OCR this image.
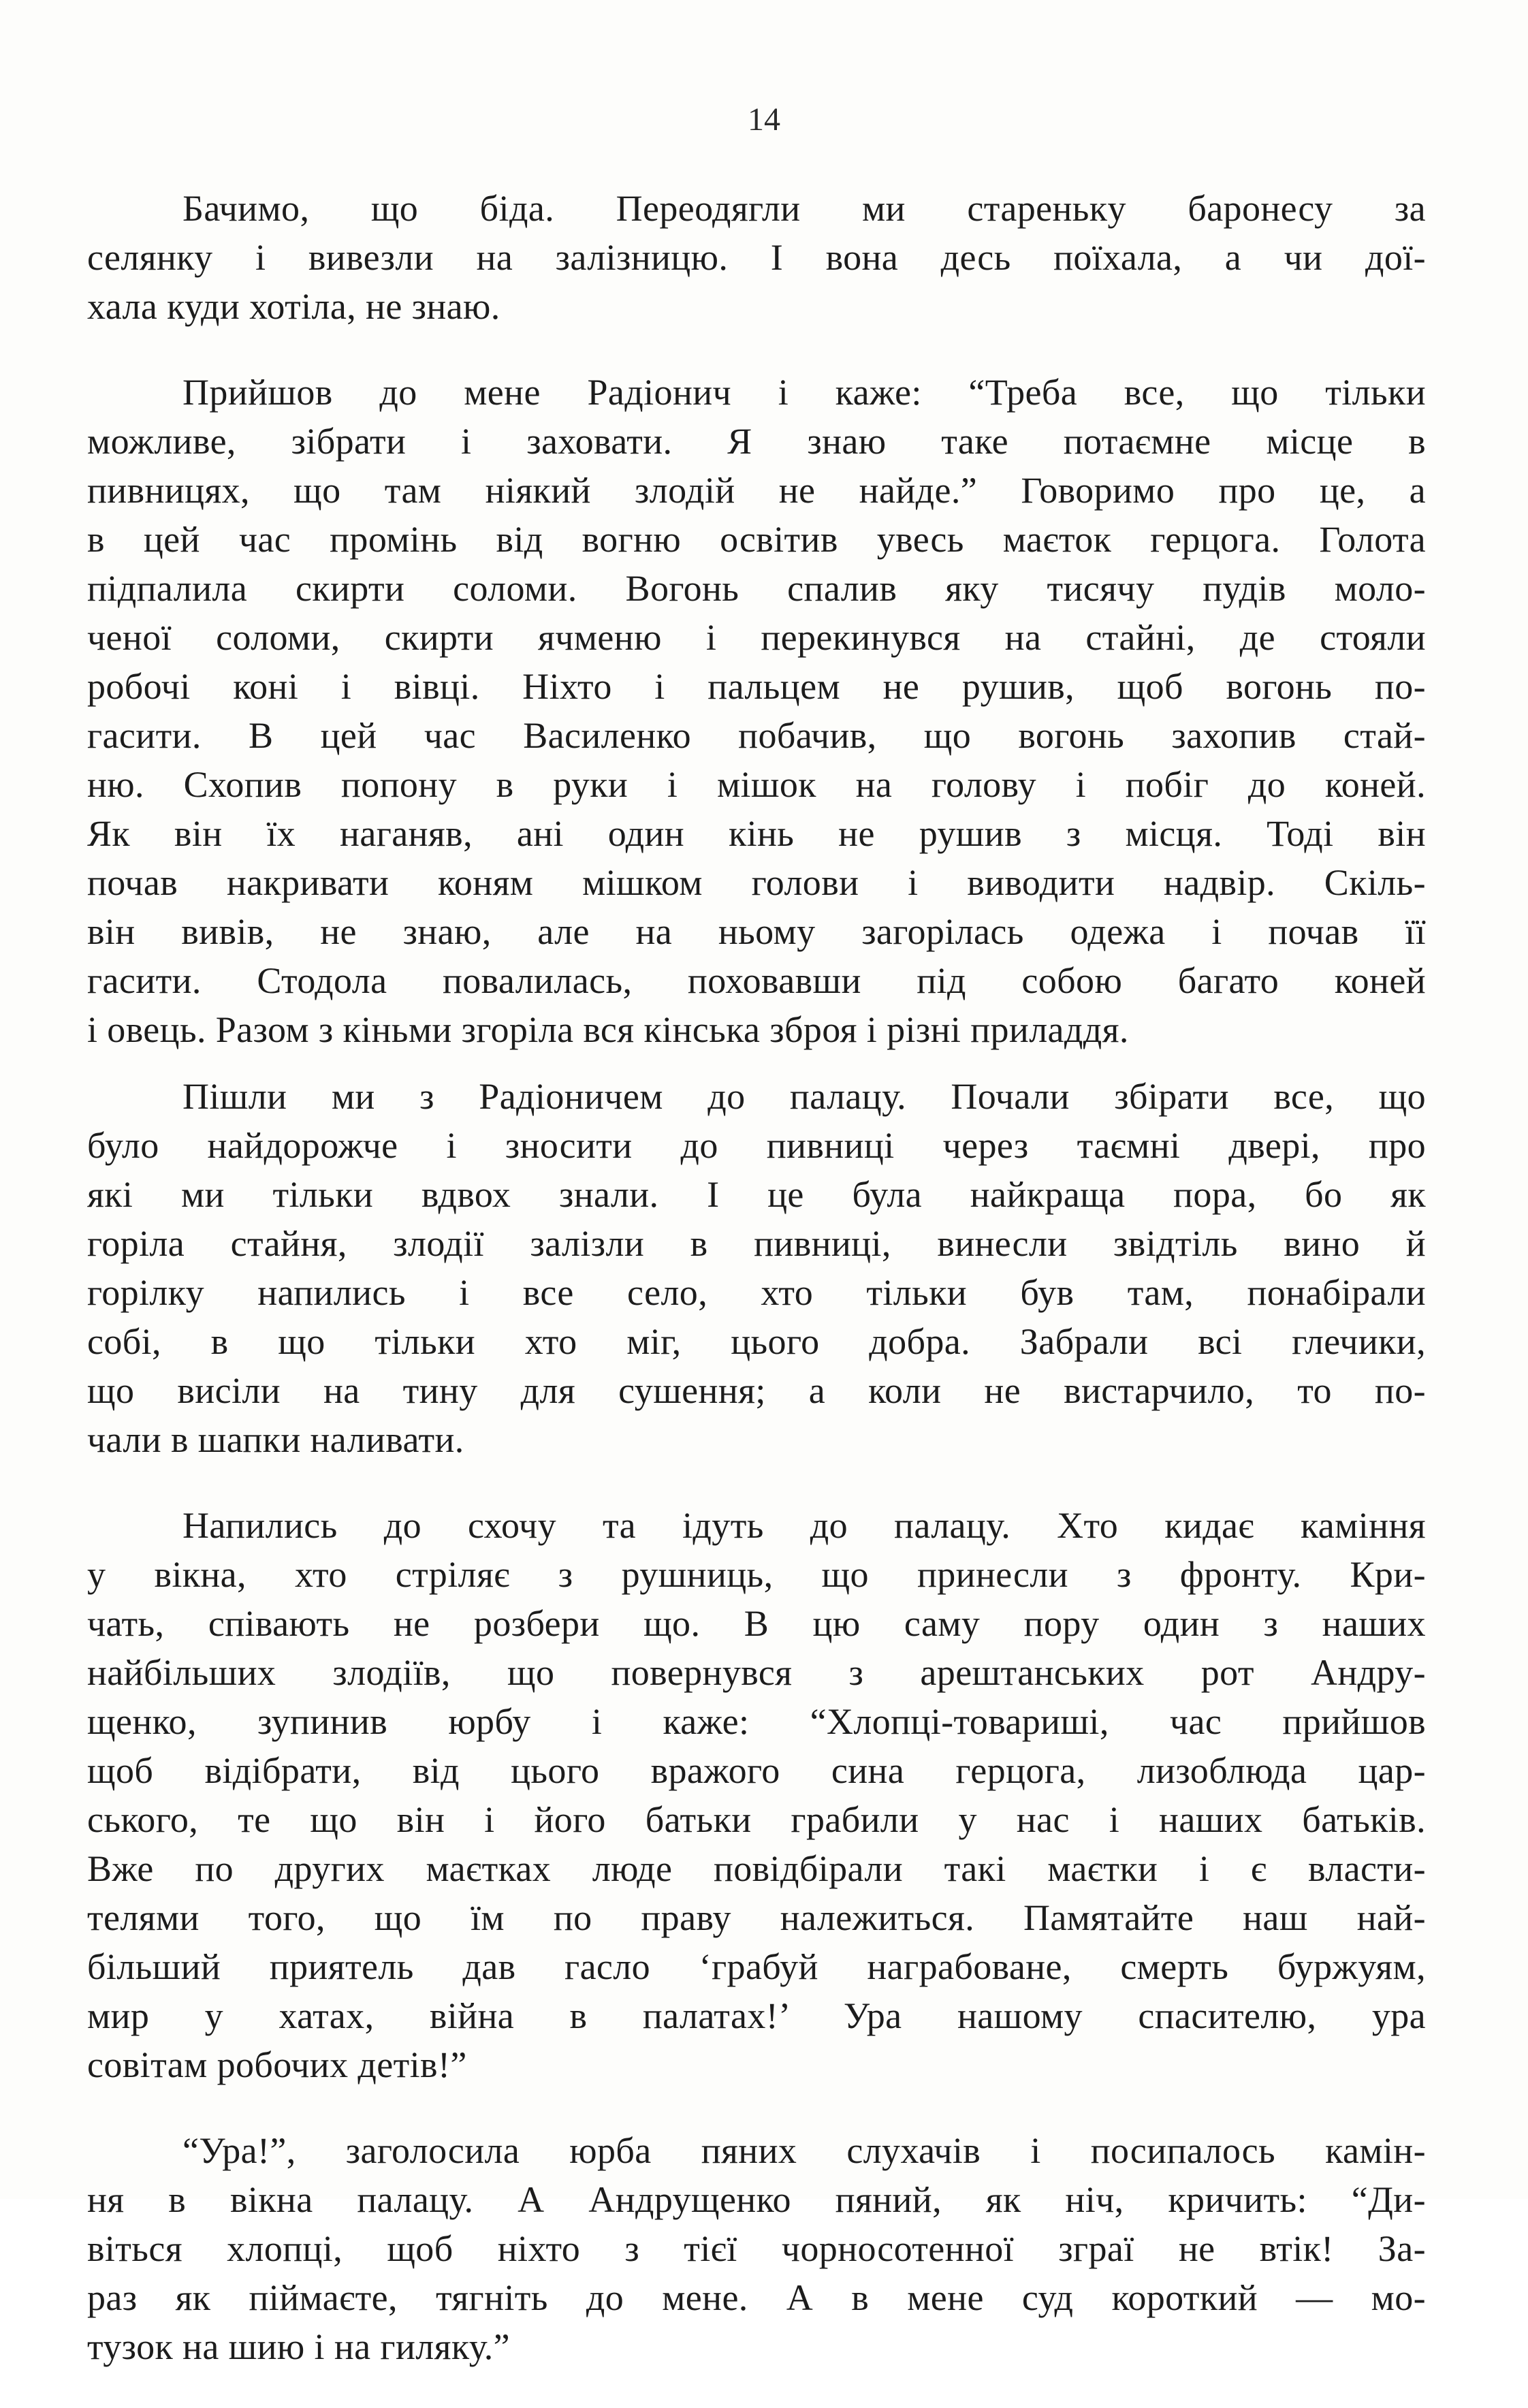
14

Бачимо, що біда. Переодягли ми старенькy баронесу за
селянку і вивезли на залізницю. І вона десь поїхала, а чи доï-
хала куди хотіла, не знаю.

Прийшов до мене Радіонич і каже: “Треба все, що тільки
можливе, зібрати і заховати. Я знаю таке потаємне місце в
пивницях, що там ніякий злодій не найде.” Говоримо про це, а
в цей час промінь від вогню освітив увесь маєток герцога. Голота
підпалила скирти соломи. Вогонь спалив яку тисячу пудів моло-
ченої соломи, скирти ячменю і перекинувся на стайні, де стояли
робочі коні і вівці. Ніхто і пальцем не рушив, щоб вогонь по-
гасити. В цей час Василенко побачив, що вогонь захопив стай-
ню. Схопив попону в руки і мішок на голову і побіг до коней.
Як він їх наганяв, ані один кінь не рушив з місця. Тоді він
почав накривати коням мішком голови і виводити надвір. Скіль-
він вивів, не знаю, але на ньому загорілась одежа і почав її
гасити. Стодола повалилась, поховавши під собою багато коней
і овець. Разом з кіньми згоріла вся кінська зброя і різні приладдя.

Пішли ми з Радіоничем до палацу. Почали збірати все, що
було найдорожче і зносити до пивниці через таємні двері, про
які ми тільки вдвох знали. І це була найкраща пора, бо як
горіла стайня, злодії залізли в пивниці, винесли звідтіль вино й
горілку напились і все село, хто тільки був там, понабірали
собі, в що тільки хто міг, цього добра. Забрали всі глечики,
що висіли на тину для сушення; а коли не вистарчило, то по-
чали в шапки наливати.

Напились до схочу та ідуть до палацу. Хто кидає каміння
у вікна, хто стріляє з рушниць, що принесли з фронту. Кри-
чать, співають не розбери що. В цю саму пору один з наших
найбільших злодіїв, що повернувся з арештанських рот Андру-
щенко, зупинив юрбу і каже: “Хлопці-товариші, час прийшов
щоб відібрати, від цього вражого сина герцога, лизоблюда цар-
ського, те що він і його батьки грабили у нас і наших батьків.
Вже по других маєтках люде повідбірали такі маєтки і є власти-
телями того, що їм по праву належиться. Памятайте наш най-
більший приятель дав гасло ‘грабуй награбоване, смерть буржуям,
мир у хатах, війна в палатах!’ Ура нашому спасителю, ура
совітам робочих детів!”

“Ура!”, заголосила юрба пяних слухачів і посипалось камін-
ня в вікна палацу. А Андрущенко пяний, як ніч, кричить: “Ди-
віться хлопці, щоб ніхто з тієї чорносотенної зграї не втік! За-
раз як піймаєте, тягніть до мене. А в мене суд короткий — мо-
тузок на шию і на гиляку.”
